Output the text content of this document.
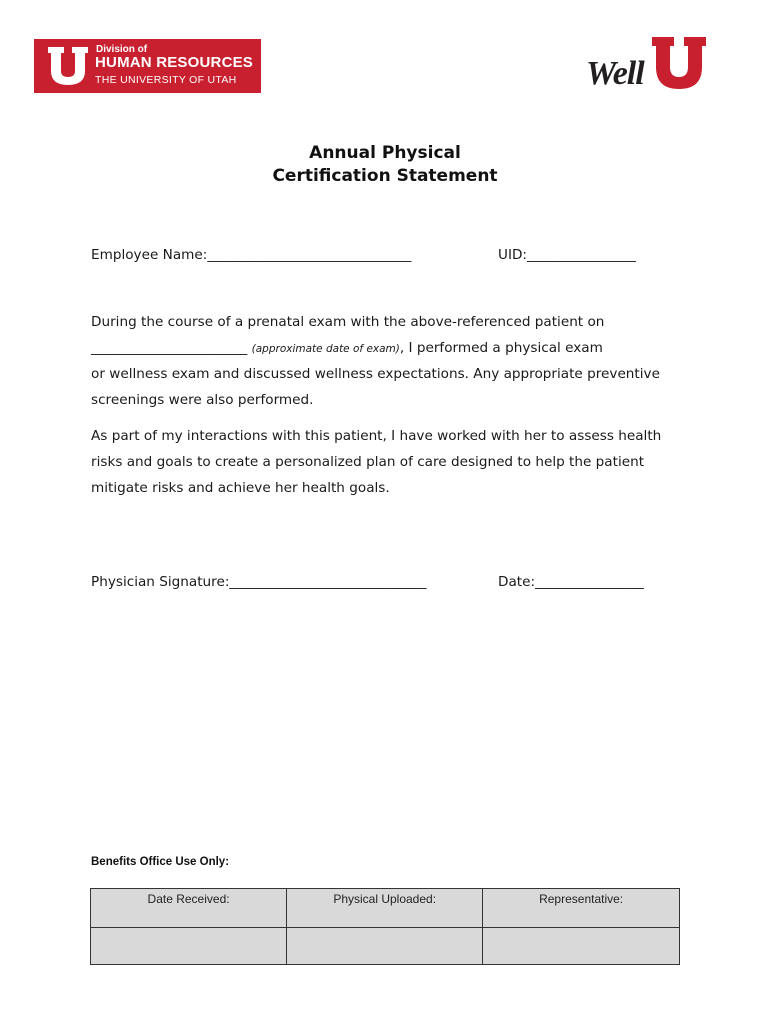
Division of
HUMAN RESOURCES
THE UNIVERSITY OF UTAH	Well
Annual Physical
Certification Statement
Employee Name:______________________________	UID:________________
During the course of a prenatal exam with the above-referenced patient on
_______________________ (approximate date of exam), I performed a physical exam
or wellness exam and discussed wellness expectations. Any appropriate preventive
screenings were also performed.
As part of my interactions with this patient, I have worked with her to assess health
risks and goals to create a personalized plan of care designed to help the patient
mitigate risks and achieve her health goals.
Physician Signature:_____________________________	Date:________________
Benefits Office Use Only:
Date Received:	Physical Uploaded:	Representative:
